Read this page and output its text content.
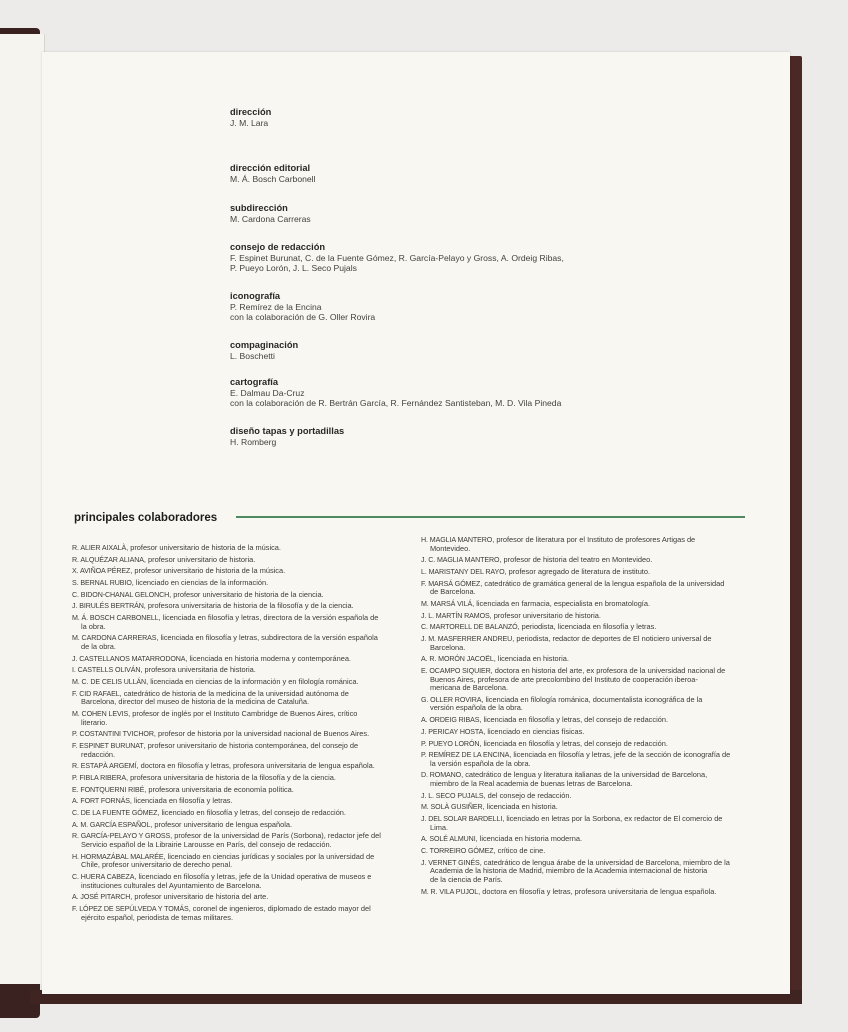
dirección
J. M. Lara
dirección editorial
M. Á. Bosch Carbonell
subdirección
M. Cardona Carreras
consejo de redacción
F. Espinet Burunat, C. de la Fuente Gómez, R. García-Pelayo y Gross, A. Ordeig Ribas,
P. Pueyo Lorón, J. L. Seco Pujals
iconografía
P. Remírez de la Encina
con la colaboración de G. Oller Rovira
compaginación
L. Boschetti
cartografía
E. Dalmau Da-Cruz
con la colaboración de R. Bertrán García, R. Fernández Santisteban, M. D. Vila Pineda
diseño tapas y portadillas
H. Romberg
principales colaboradores
R. ALIER AIXALÀ, profesor universitario de historia de la música.
R. ALQUÉZAR ALIANA, profesor universitario de historia.
X. AVIÑOA PÉREZ, profesor universitario de historia de la música.
S. BERNAL RUBIO, licenciado en ciencias de la información.
C. BIDON-CHANAL GELONCH, profesor universitario de historia de la ciencia.
J. BIRULÉS BERTRÁN, profesora universitaria de historia de la filosofía y de la ciencia.
M. Á. BOSCH CARBONELL, licenciada en filosofía y letras, directora de la versión española de
la obra.
M. CARDONA CARRERAS, licenciada en filosofía y letras, subdirectora de la versión española
de la obra.
J. CASTELLANOS MATARRODONA, licenciada en historia moderna y contemporánea.
I. CASTELLS OLIVÁN, profesora universitaria de historia.
M. C. DE CELIS ULLÁN, licenciada en ciencias de la información y en filología románica.
F. CID RAFAEL, catedrático de historia de la medicina de la universidad autónoma de
Barcelona, director del museo de historia de la medicina de Cataluña.
M. COHEN LEVIS, profesor de inglés por el Instituto Cambridge de Buenos Aires, crítico
literario.
P. COSTANTINI TVICHOR, profesor de historia por la universidad nacional de Buenos Aires.
F. ESPINET BURUNAT, profesor universitario de historia contemporánea, del consejo de
redacción.
R. ESTAPÀ ARGEMÍ, doctora en filosofía y letras, profesora universitaria de lengua española.
P. FIBLA RIBERA, profesora universitaria de historia de la filosofía y de la ciencia.
E. FONTQUERNI RIBÉ, profesora universitaria de economía política.
A. FORT FORNÁS, licenciada en filosofía y letras.
C. DE LA FUENTE GÓMEZ, licenciado en filosofía y letras, del consejo de redacción.
A. M. GARCÍA ESPAÑOL, profesor universitario de lengua española.
R. GARCÍA-PELAYO Y GROSS, profesor de la universidad de París (Sorbona), redactor jefe del
Servicio español de la Librairie Larousse en París, del consejo de redacción.
H. HORMAZÁBAL MALARÉE, licenciado en ciencias jurídicas y sociales por la universidad de
Chile, profesor universitario de derecho penal.
C. HUERA CABEZA, licenciado en filosofía y letras, jefe de la Unidad operativa de museos e
instituciones culturales del Ayuntamiento de Barcelona.
A. JOSÉ PITARCH, profesor universitario de historia del arte.
F. LÓPEZ DE SEPÚLVEDA Y TOMÁS, coronel de ingenieros, diplomado de estado mayor del
ejército español, periodista de temas militares.
H. MAGLIA MANTERO, profesor de literatura por el Instituto de profesores Artigas de
Montevideo.
J. C. MAGLIA MANTERO, profesor de historia del teatro en Montevideo.
L. MARISTANY DEL RAYO, profesor agregado de literatura de instituto.
F. MARSÁ GÓMEZ, catedrático de gramática general de la lengua española de la universidad
de Barcelona.
M. MARSÁ VILÁ, licenciada en farmacia, especialista en bromatología.
J. L. MARTÍN RAMOS, profesor universitario de historia.
C. MARTORELL DE BALANZÓ, periodista, licenciada en filosofía y letras.
J. M. MASFERRER ANDREU, periodista, redactor de deportes de El noticiero universal de
Barcelona.
A. R. MORÓN JACOËL, licenciada en historia.
E. OCAMPO SIQUIER, doctora en historia del arte, ex profesora de la universidad nacional de
Buenos Aires, profesora de arte precolombino del Instituto de cooperación iberoa-
mericana de Barcelona.
G. OLLER ROVIRA, licenciada en filología románica, documentalista iconográfica de la
versión española de la obra.
A. ORDEIG RIBAS, licenciada en filosofía y letras, del consejo de redacción.
J. PERICAY HOSTA, licenciado en ciencias físicas.
P. PUEYO LORÓN, licenciada en filosofía y letras, del consejo de redacción.
P. REMÍREZ DE LA ENCINA, licenciada en filosofía y letras, jefe de la sección de iconografía de
la versión española de la obra.
D. ROMANO, catedrático de lengua y literatura italianas de la universidad de Barcelona,
miembro de la Real academia de buenas letras de Barcelona.
J. L. SECO PUJALS, del consejo de redacción.
M. SOLÀ GUSIÑER, licenciada en historia.
J. DEL SOLAR BARDELLI, licenciado en letras por la Sorbona, ex redactor de El comercio de
Lima.
A. SOLÉ ALMUNI, licenciada en historia moderna.
C. TORREIRO GÓMEZ, crítico de cine.
J. VERNET GINÉS, catedrático de lengua árabe de la universidad de Barcelona, miembro de la
Academia de la historia de Madrid, miembro de la Academia internacional de historia
de la ciencia de París.
M. R. VILA PUJOL, doctora en filosofía y letras, profesora universitaria de lengua española.
